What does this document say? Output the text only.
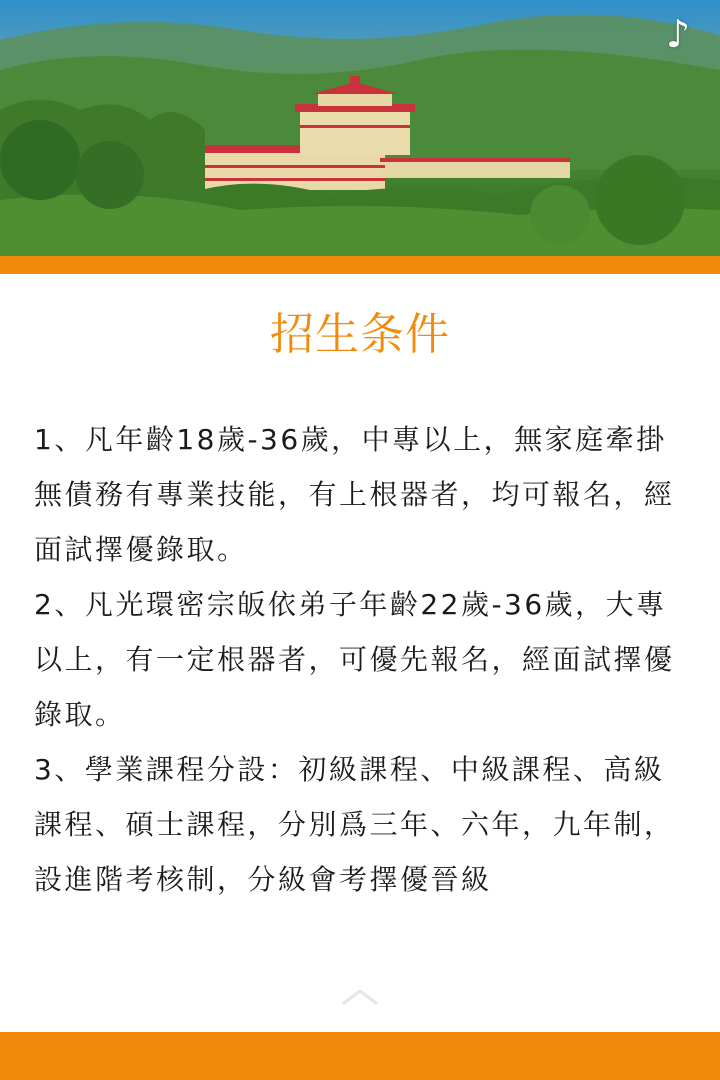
♪
招生条件

1、凡年齡18歲-36歲，中專以上，無家庭牽掛無債務有專業技能，有上根器者，均可報名，經面試擇優錄取。

2、凡光環密宗皈依弟子年齡22歲-36歲，大專以上，有一定根器者，可優先報名，經面試擇優錄取。

3、學業課程分設：初級課程、中級課程、高級課程、碩士課程，分別爲三年、六年，九年制，設進階考核制，分級會考擇優晉級
